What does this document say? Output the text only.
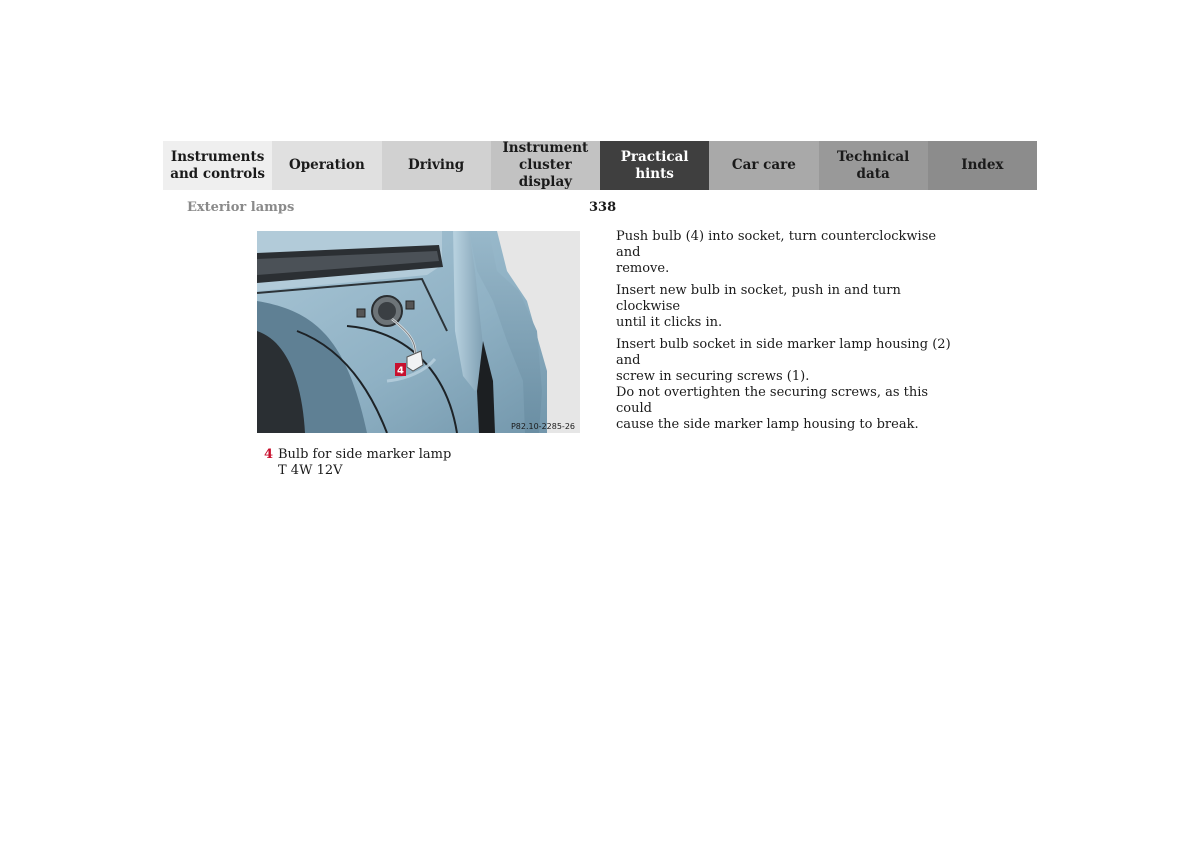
Instruments
and controls
Operation	Driving
Instrument
cluster display
Practical hints
Car care
Technical
data
Index
Exterior lamps	338
4
P82.10-2285-26
4 Bulb for side marker lamp
T 4W 12V

Push bulb (4) into socket, turn counterclockwise and
remove.

Insert new bulb in socket, push in and turn clockwise
until it clicks in.

Insert bulb socket in side marker lamp housing (2) and
screw in securing screws (1).
Do not overtighten the securing screws, as this could
cause the side marker lamp housing to break.
